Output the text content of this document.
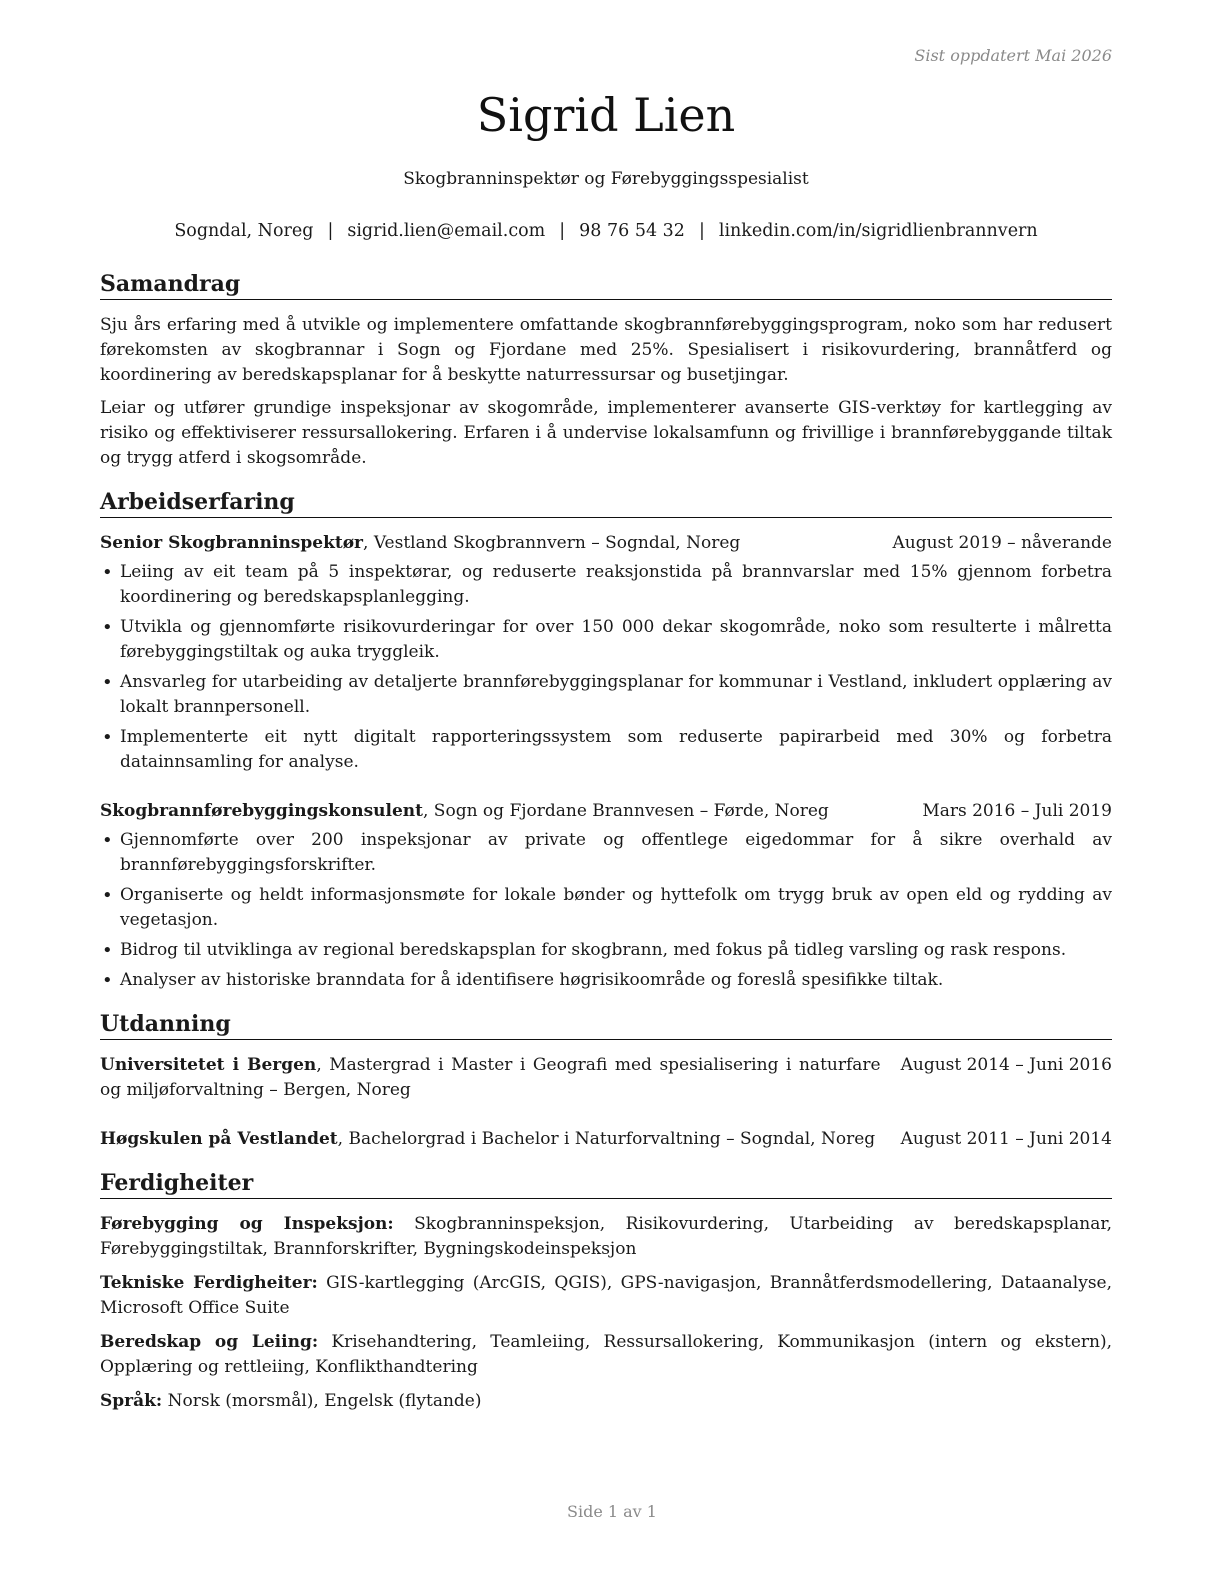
Sist oppdatert Mai 2026
Sigrid Lien
Skogbranninspektør og Førebyggingsspesialist
Sogndal, Noreg | sigrid.lien@email.com | 98 76 54 32 | linkedin.com/in/sigridlienbrannvern
Samandrag

Sju års erfaring med å utvikle og implementere omfattande skogbrannførebyggingsprogram, noko som har redusert førekomsten av skogbrannar i Sogn og Fjordane med 25%. Spesialisert i risikovurdering, brannåtferd og koordinering av beredskapsplanar for å beskytte naturressursar og busetjingar.

Leiar og utfører grundige inspeksjonar av skogområde, implementerer avanserte GIS-verktøy for kartlegging av risiko og effektiviserer ressursallokering. Erfaren i å undervise lokalsamfunn og frivillige i brannførebyggande tiltak og trygg atferd i skogsområde.

Arbeidserfaring
Senior Skogbranninspektør, Vestland Skogbrannvern – Sogndal, Noreg	August 2019 – nåverande
• Leiing av eit team på 5 inspektørar, og reduserte reaksjonstida på brannvarslar med 15% gjennom forbetra koordinering og beredskapsplanlegging.
• Utvikla og gjennomførte risikovurderingar for over 150 000 dekar skogområde, noko som resulterte i målretta førebyggingstiltak og auka tryggleik.
• Ansvarleg for utarbeiding av detaljerte brannførebyggingsplanar for kommunar i Vestland, inkludert opplæring av lokalt brannpersonell.
• Implementerte eit nytt digitalt rapporteringssystem som reduserte papirarbeid med 30% og forbetra datainnsamling for analyse.
Skogbrannførebyggingskonsulent, Sogn og Fjordane Brannvesen – Førde, Noreg	Mars 2016 – Juli 2019
• Gjennomførte over 200 inspeksjonar av private og offentlege eigedommar for å sikre overhald av brannførebyggingsforskrifter.
• Organiserte og heldt informasjonsmøte for lokale bønder og hyttefolk om trygg bruk av open eld og rydding av vegetasjon.
• Bidrog til utviklinga av regional beredskapsplan for skogbrann, med fokus på tidleg varsling og rask respons.
• Analyser av historiske branndata for å identifisere høgrisikoområde og foreslå spesifikke tiltak.
Utdanning
Universitetet i Bergen, Mastergrad i Master i Geografi med spesialisering i naturfare og miljøforvaltning – Bergen, Noreg
August 2014 – Juni 2016
Høgskulen på Vestlandet, Bachelorgrad i Bachelor i Naturforvaltning – Sogndal, Noreg	August 2011 – Juni 2014
Ferdigheiter

Førebygging og Inspeksjon: Skogbranninspeksjon, Risikovurdering, Utarbeiding av beredskapsplanar, Førebyggingstiltak, Brannforskrifter, Bygningskodeinspeksjon

Tekniske Ferdigheiter: GIS-kartlegging (ArcGIS, QGIS), GPS-navigasjon, Brannåtferdsmodellering, Dataanalyse, Microsoft Office Suite

Beredskap og Leiing: Krisehandtering, Teamleiing, Ressursallokering, Kommunikasjon (intern og ekstern), Opplæring og rettleiing, Konflikthandtering

Språk: Norsk (morsmål), Engelsk (flytande)

Side 1 av 1
